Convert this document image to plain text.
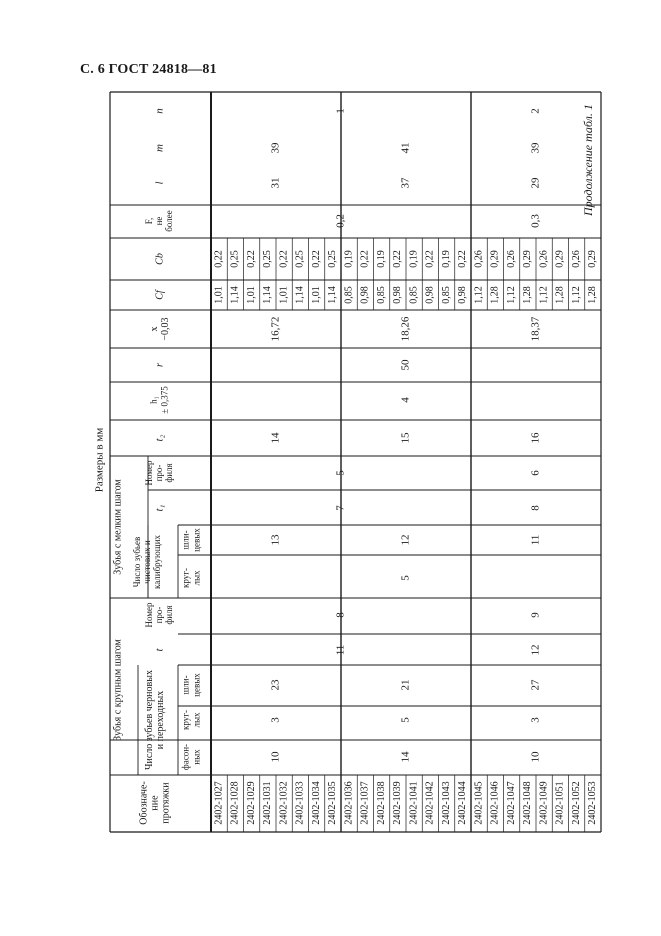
С. 6 ГОСТ 24818—81
Продолжение табл. 1
Обозначе- ние протяжки
Зубья с крупным шагом Число зубьев черновых и переходных
фасон- ных
круг- лых
шли- цевых
t
Номер про- филя
Зубья с мелким шагом Число зубьев чистовых и калибрующих круг- лых
шли- цевых
t₁
Номер про- филя
t₂
h₁ ± 0,375
r
x −0,03
Cf
Cb
F, не более
l
m
n
Размеры в мм
2402-1027 2402-1028 2402-1029 2402-1031 2402-1032 2402-1033 2402-1034 2402-1035 2402-1036 2402-1037 2402-1038 2402-1039 2402-1041 2402-1042 2402-1043 2402-1044 2402-1045 2402-1046 2402-1047 2402-1048 2402-1049 2402-1051 2402-1052 2402-1053
1,01 1,14 1,01 1,14 1,01 1,14 1,01 1,14 0,85 0,98 0,85 0,98 0,85 0,98 0,85 0,98 1,12 1,28 1,12 1,28 1,12 1,28 1,12 1,28
0,22 0,25 0,22 0,25 0,22 0,25 0,22 0,25 0,19 0,22 0,19 0,22 0,19 0,22 0,19 0,22 0,26 0,29 0,26 0,29 0,26 0,29 0,26 0,29
10
3
23
13
14
16,72
31
39
14
5
21
12
15
18,26
37
41
10
3
27
11
16
18,37
29
39
11
8
7
5
0,2
1
12
9
8
6
0,3
2
5
4
50
